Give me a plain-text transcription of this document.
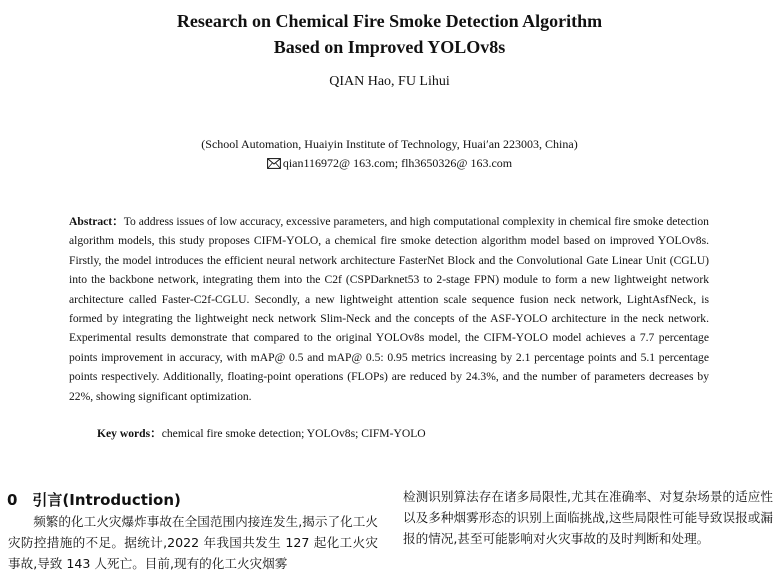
Research on Chemical Fire Smoke Detection Algorithm
Based on Improved YOLOv8s
QIAN Hao, FU Lihui
(School Automation, Huaiyin Institute of Technology, Huai′an 223003, China)
qian116972@ 163.com; flh3650326@ 163.com
Abstract：To address issues of low accuracy, excessive parameters, and high computational complexity in chemical fire smoke detection algorithm models, this study proposes CIFM-YOLO, a chemical fire smoke detection algorithm model based on improved YOLOv8s. Firstly, the model introduces the efficient neural network architecture FasterNet Block and the Convolutional Gate Linear Unit (CGLU) into the backbone network, integrating them into the C2f (CSPDarknet53 to 2-stage FPN) module to form a new lightweight network architecture called Faster-C2f-CGLU. Secondly, a new lightweight attention scale sequence fusion neck network, LightAsfNeck, is formed by integrating the lightweight neck network Slim-Neck and the concepts of the ASF-YOLO architecture in the neck network. Experimental results demonstrate that compared to the original YOLOv8s model, the CIFM-YOLO model achieves a 7.7 percentage points improvement in accuracy, with mAP@ 0.5 and mAP@ 0.5: 0.95 metrics increasing by 2.1 percentage points and 5.1 percentage points respectively. Additionally, floating-point operations (FLOPs) are reduced by 24.3%, and the number of parameters decreases by 22%, showing significant optimization.
Key words：chemical fire smoke detection; YOLOv8s; CIFM-YOLO
0　引言(Introduction)

频繁的化工火灾爆炸事故在全国范围内接连发生,揭示了化工火灾防控措施的不足。据统计,2022 年我国共发生 127 起化工火灾事故,导致 143 人死亡。目前,现有的化工火灾烟雾

检测识别算法存在诸多局限性,尤其在准确率、对复杂场景的适应性以及多种烟雾形态的识别上面临挑战,这些局限性可能导致误报或漏报的情况,甚至可能影响对火灾事故的及时判断和处理。
